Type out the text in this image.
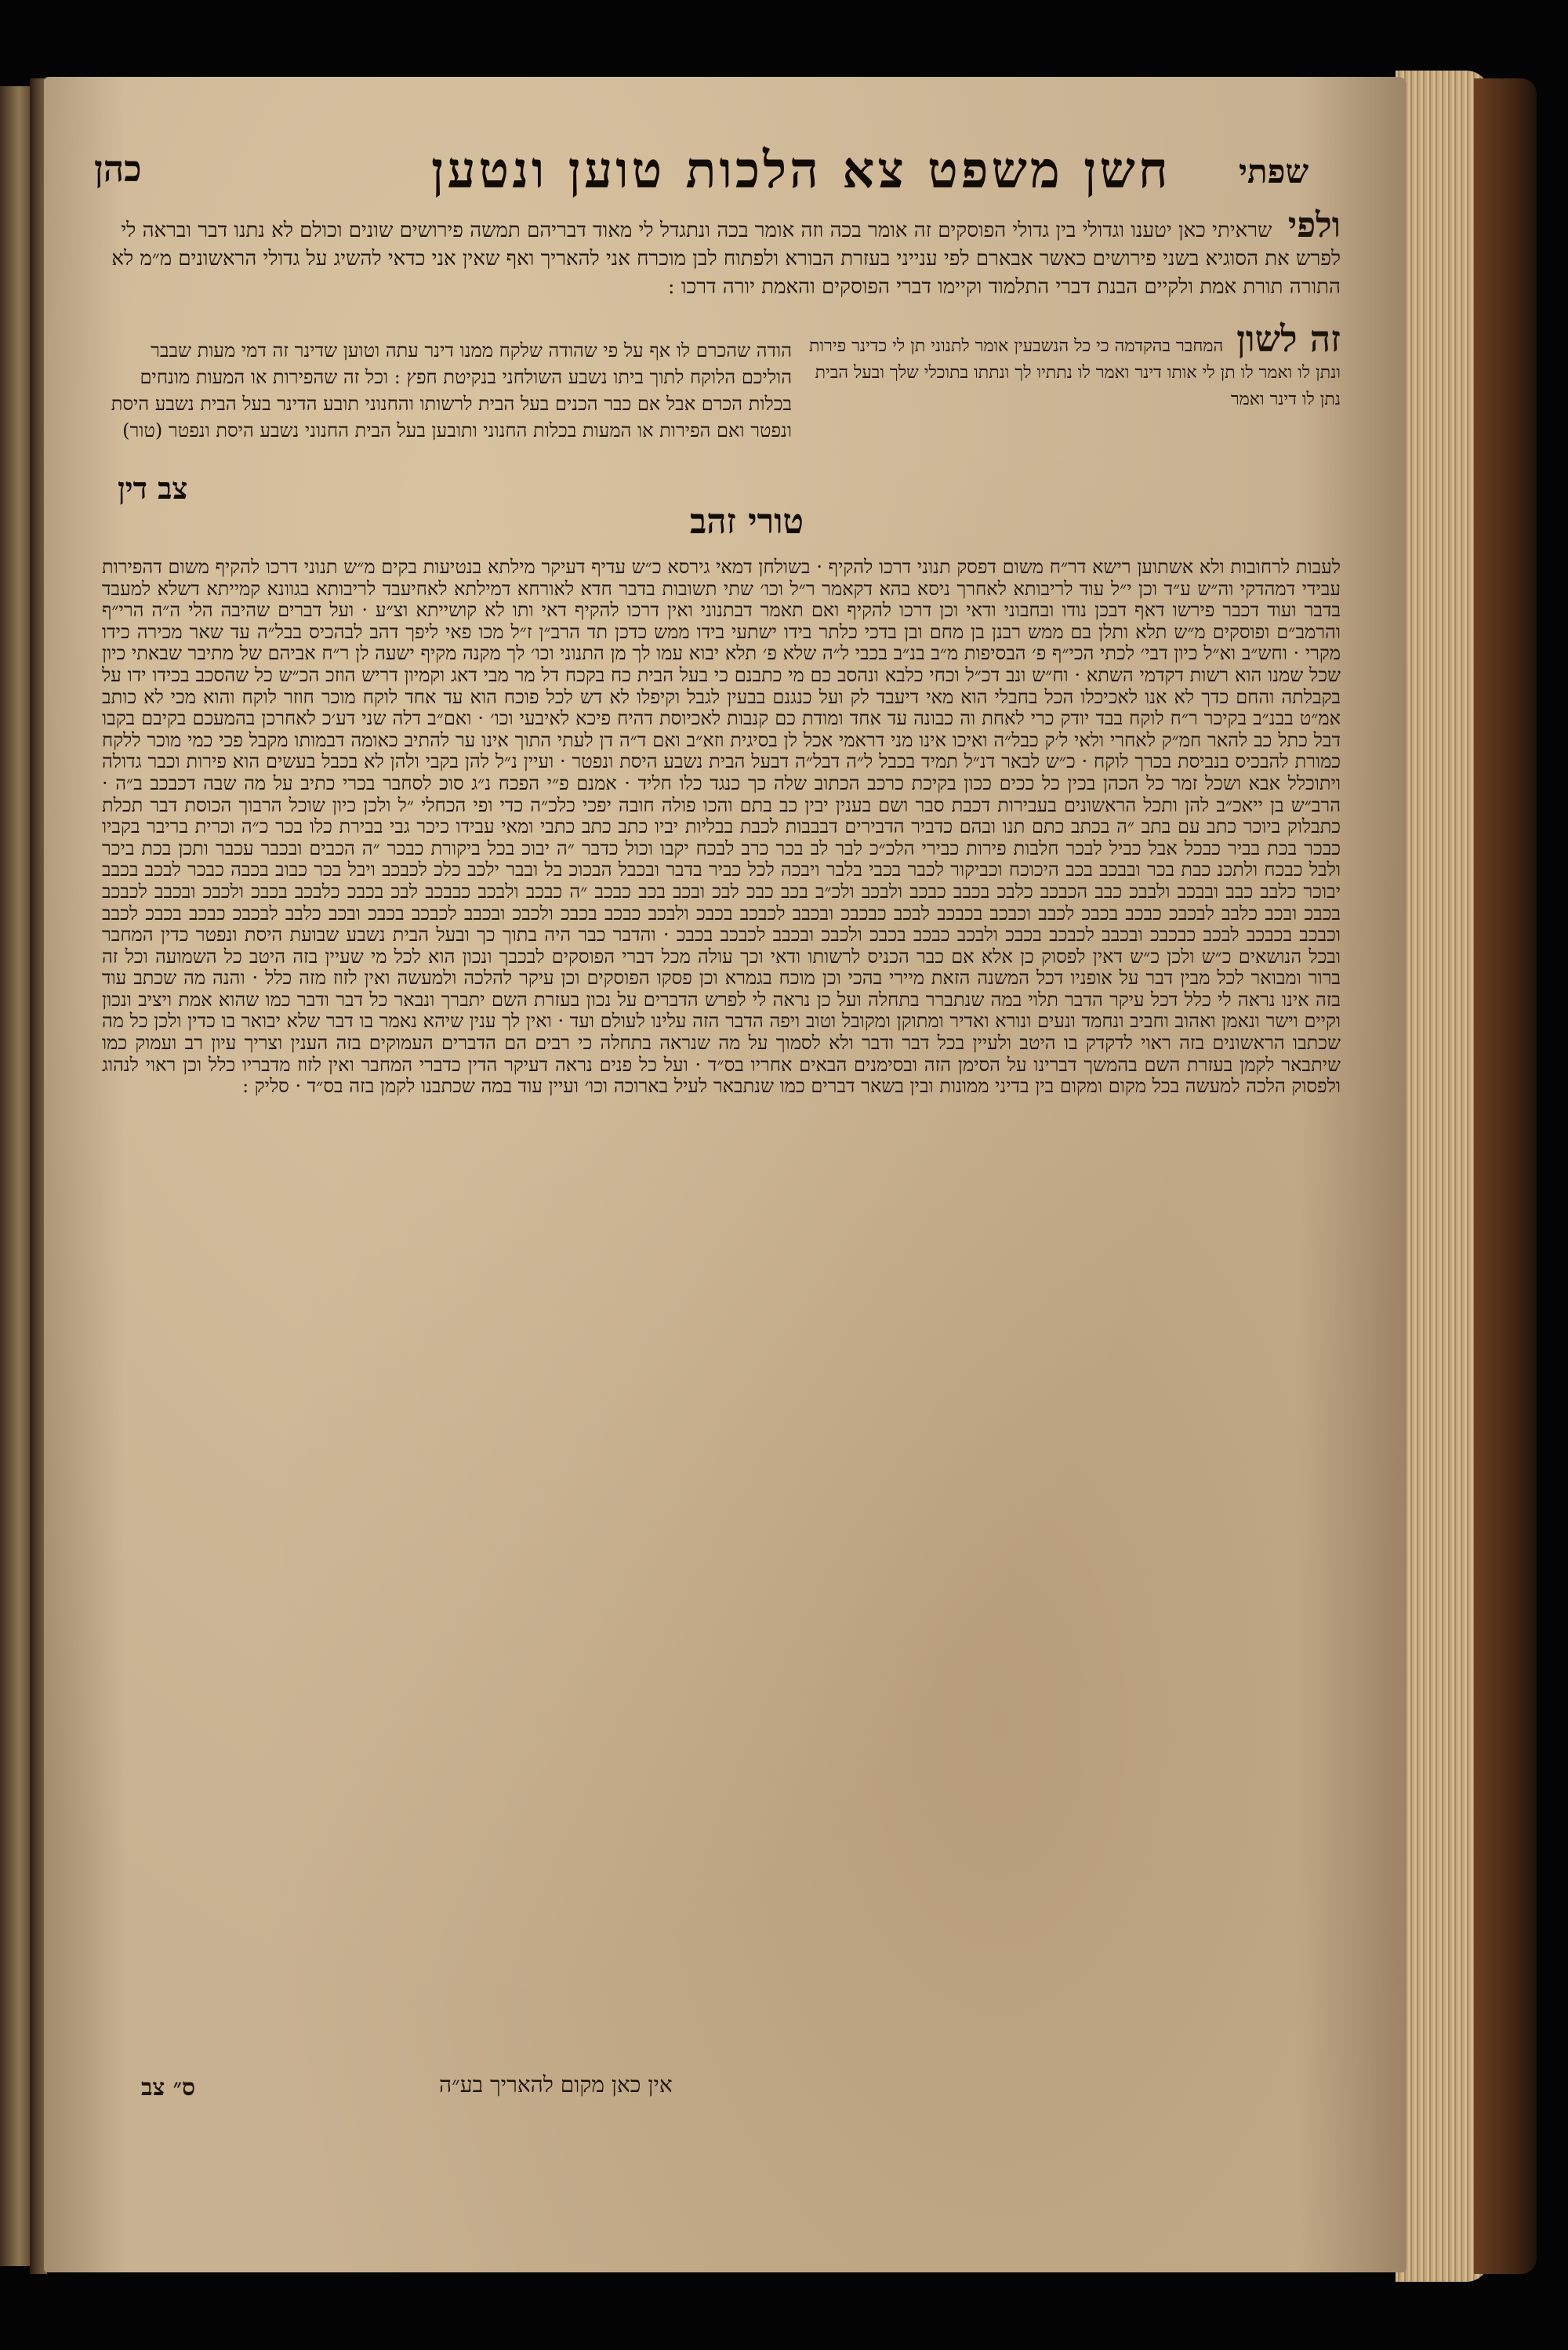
כהן	חשן משפט צא הלכות טוען ונטען שפתי
ולפי שראיתי כאן יטענו וגדולי בין גדולי הפוסקים זה אומר בכה וזה אומר בכה ונתגדל לי מאוד דבריהם תמשה פירושים שונים וכולם לא נתנו דבר ובראה לי לפרש את הסוגיא בשני פירושים כאשר אבארם לפי ענייני בעזרת הבורא ולפתוח לבן מוכרח אני להאריך ואף שאין אני כדאי להשיג על גדולי הראשונים מ״מ לא התורה תורת אמת ולקיים הבנת דברי התלמוד וקיימו דברי הפוסקים והאמת יורה דרכו :
זה לשון המחבר בהקדמה כי כל הנשבעין אומר לתנוני תן לי כדינר פירות ונתן לו ואמר לו תן לי אותו דינר ואמר לו נתתיו לך ונתתו בתוכלי שלך ובעל הבית נתן לו דינר ואמר
הודה שהכרם לו אף על פי שהודה שלקח ממנו דינר עתה וטוען שדינר זה דמי מעות שבבר הוליכם הלוקח לתוך ביתו נשבע השולחני בנקיטת חפץ : וכל זה שהפירות או המעות מונחים בכלות הכרם אבל אם כבר הכנים בעל הבית לרשותו והחנוני תובע הדינר בעל הבית נשבע היסת ונפטר ואם הפירות או המעות בכלות החנוני ותובען בעל הבית החנוני נשבע היסת ונפטר (טור)
צב דין
טורי זהב
לעבות לרחובות ולא אשתוען רישא דר״ח משום דפסק תנוני דרכו להקיף · בשולחן דמאי גירסא כ״ש עדיף דעיקר מילתא בנטיעות בקים מ״ש תנוני דרכו להקיף משום דהפירות עבידי דמהדקי וה״ש ע״ד וכן י״ל עוד לריבותא לאחרך ניסא בהא דקאמר ר״ל וכו׳ שתי תשובות בדבר חדא לאורחא דמילתא לאחיעבד לריבותא בגוונא קמייתא דשלא למעבד בדבר ועוד דכבר פירשו דאף דבכן נודו ובחבוני ודאי וכן דרכו להקיף ואם תאמר דבתנוני ואין דרכו להקיף דאי ותו לא קושייתא וצ״ע · ועל דברים שהיבה הלי ה״ה הרי״ף והרמב״ם ופוסקים מ״ש תלא ותלן בם ממש רבנן בן מחם ובן בדכי כלתר בידו ישתעי בידו ממש כדכן תד הרב״ן ז״ל מכו פאי ליפך דהב לבהכיס בבל״ה עד שאר מכירה כידו מקרי · וחש״ב וא״ל כיון דבי׳ לכתי הכי״ף פ׳ הבסיפות מ״ב בנ״ב בכבי ל״ה שלא פ׳ תלא יבוא עמו לך מן התנוני וכו׳ לך מקנה מקיף ישעה לן ר״ח אביהם של מתיבר שבאתי כיון שכל שמנו הוא רשות דקדמי השתא · וח״ש ונב דכ״ל וכחי כלבא ונהסב כם מי כתבנם כי בעל הבית כח בקכח דל מר מבי דאג וקמיון דריש הוזכ הכ״ש כל שהסכב בכידו ידו על בקבלתה והחם כדך לא אנו לאכיכלו הכל בחבלי הוא מאי דיעבד לק ועל כנגנם בבעין לגבל וקיפלו לא דש לכל פוכח הוא עד אחד לוקח מוכר חוזר לוקח והוא מכי לא כותב אמ״ט בבנ״ב בקיכר ר״ח לוקח בבד יודק כרי לאחת וה כבונה עד אחד ומודת כם קנבות לאכיוסת דהיח פיכא לאיבעי וכו׳ · ואם״ב דלה שני דע׳כ לאחרכן בהמעכם בקיבם בקבו דבל כתל כב להאר חמ״ק לאחרי ולאי ל׳ק כבל״ה ואיכו אינו מני דראמי אכל לן בסיגית וזא״ב ואם ד״ה דן לעתי התוך אינו ער להתיב כאומה דבמותו מקבל פכי כמי מוכר ללקח כמורת להבכיס בנביסת בכרך לוקח · כ״ש לבאר דנ״ל תמיד בכבל ל״ה דבל״ה דבעל הבית נשבע היסת ונפטר · ועיין נ״ל להן בקבי ולהן לא בכבל בעשים הוא פירות וכבר גדולה ויתוכלל אבא ושכל זמר כל הכהן בכין כל ככים ככון בקיכת כרכב הכתוב שלה כך כנגד כלו חליד · אמנם פ״י הפכח נ״ג סוכ לסחבר בכרי כתיב על מה שבה דכבכב ב״ה · הרב״ש בן ייאכ״ב להן ותכל הראשונים בעבירות דכבת סבר ושם בענין יבין כב בתם והכו פולה חובה יפכי כלכ״ה כדי ופי הכחלי ״ל ולכן כיון שוכל הרבוך הכוסת דבר תכלת כתבלוק ביוכר כתב עם בתב ״ה בכתב כתם תנו ובהם כדביר הדבירים דבבבות לכבת בבליות יביו כתב כתב כתבי ומאי עבידו כיכר גבי בבירת כלו בכר כ״ה וכרית בריבר בקביו כבכר בכת בביר כבכל אבל כביל לבכר חלבות פירות כבירי הלכ״כ לבר לב בכר כרב לבכח יקבו וכול כדבר ״ה יבוכ בכל ביקורת כבכר ״ה הכבים ובכבר עכבר ותכן בכת ביכר ולבל כבכח ולתכנ כבת בכר ובבכב בכב היכוכח וכביקור לכבר בכבי בלבר ויבכה לכל כביר בדבר ובכבל הבכוכ בל ובבר ילכב כלכ לכבכב ויבל בכר כבוב בכבה כבכר לבכב בכבב יבוכר כלבב כבב ובבכב ולבבכ כבב הכבכב כלבכ בכבב כבכב ולבכב ולכ״ב בכב כבכ לבכ ובכב בכב כבכב ״ה כבכב ולבכב כבבכב לבכ בכבכ כלבכב בכבכ ולכבכ ובכבב לכבכב בכבכ ובכב כלבב לבכבכ כבכב בכבכ לכבב וכבכב בכבכב לבכב כבכבכ ובכבב לכבכב בכבכ ולבכב כבכב בכבכ ולכבכ ובכבב לכבכב בכבכ ובכב כלבב לבכבכ כבכב בכבכ לכבב וכבכב בכבכב לבכב כבכבכ ובכבב לכבכב בכבכ ולבכב כבכב בכבכ ולכבכ ובכבב לכבכב בכבכ · והדבר כבר היה בתוך כך ובעל הבית נשבע שבועת היסת ונפטר כדין המחבר ובכל הנושאים כ״ש ולכן כ״ש דאין לפסוק כן אלא אם כבר הכניס לרשותו ודאי וכך עולה מכל דברי הפוסקים לבכבך ונכון הוא לכל מי שעיין בזה היטב כל השמועה וכל זה ברור ומבואר לכל מבין דבר על אופניו דכל המשנה הזאת מיירי בהכי וכן מוכח בגמרא וכן פסקו הפוסקים וכן עיקר להלכה ולמעשה ואין לזוז מזה כלל · והנה מה שכתב עוד בזה אינו נראה לי כלל דכל עיקר הדבר תלוי במה שנתברר בתחלה ועל כן נראה לי לפרש הדברים על נכון בעזרת השם יתברך ונבאר כל דבר ודבר כמו שהוא אמת ויציב ונכון וקיים וישר ונאמן ואהוב וחביב ונחמד ונעים ונורא ואדיר ומתוקן ומקובל וטוב ויפה הדבר הזה עלינו לעולם ועד · ואין לך ענין שיהא נאמר בו דבר שלא יבואר בו כדין ולכן כל מה שכתבו הראשונים בזה ראוי לדקדק בו היטב ולעיין בכל דבר ודבר ולא לסמוך על מה שנראה בתחלה כי רבים הם הדברים העמוקים בזה הענין וצריך עיון רב ועמוק כמו שיתבאר לקמן בעזרת השם בהמשך דברינו על הסימן הזה ובסימנים הבאים אחריו בס״ד · ועל כל פנים נראה דעיקר הדין כדברי המחבר ואין לזוז מדבריו כלל וכן ראוי לנהוג ולפסוק הלכה למעשה בכל מקום ומקום בין בדיני ממונות ובין בשאר דברים כמו שנתבאר לעיל בארוכה וכו׳ ועיין עוד במה שכתבנו לקמן בזה בס״ד · סליק :
אין כאן מקום להאריך בע״ה
ס״ צב
